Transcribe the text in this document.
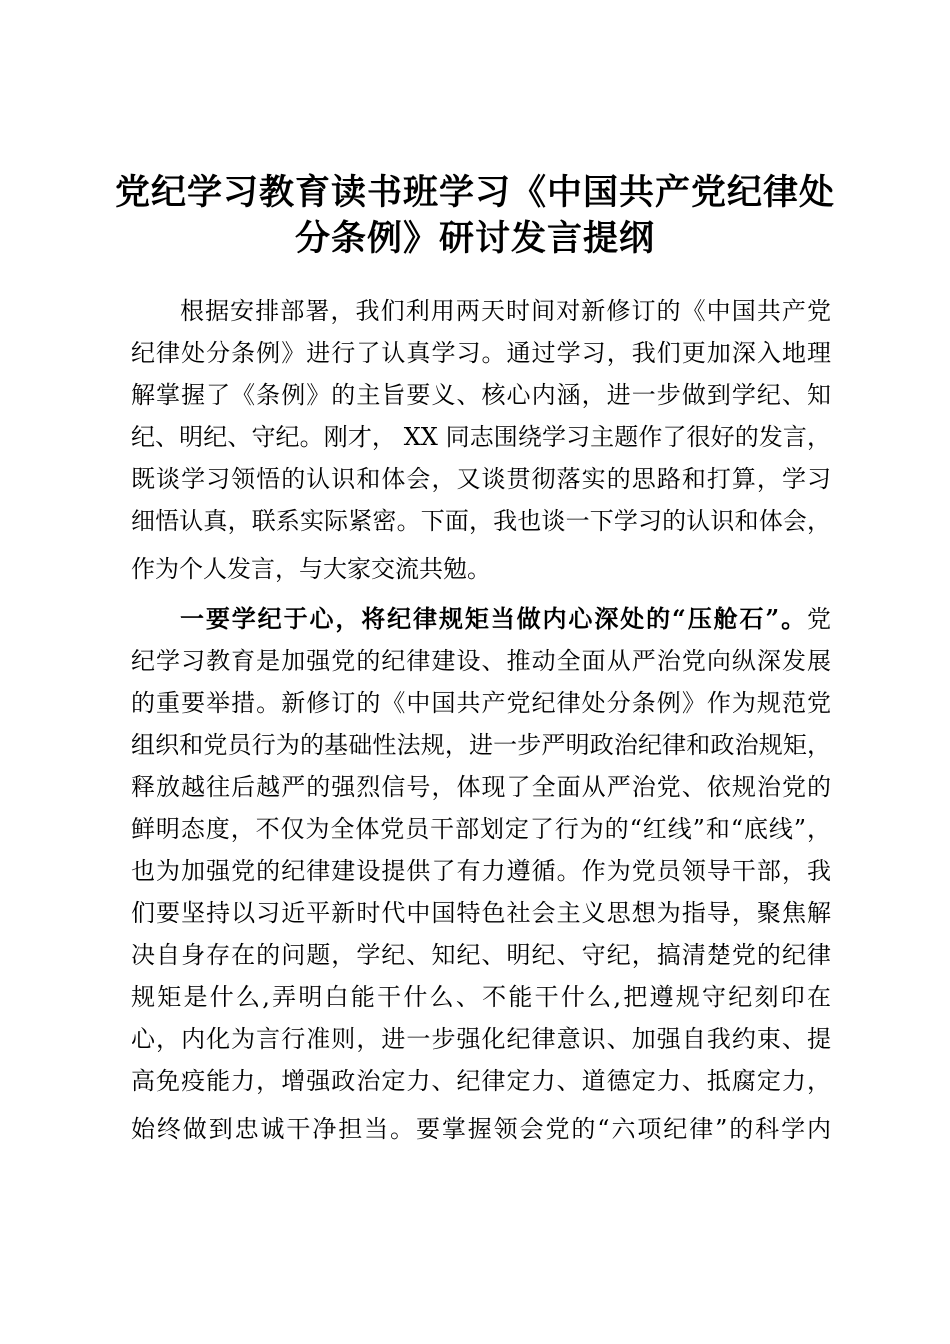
党纪学习教育读书班学习《中国共产党纪律处
分条例》研讨发言提纲
根据安排部署，我们利用两天时间对新修订的《中国共产党
纪律处分条例》进行了认真学习。通过学习，我们更加深入地理
解掌握了《条例》的主旨要义、核心内涵，进一步做到学纪、知
纪、明纪、守纪。刚才， XX 同志围绕学习主题作了很好的发言，
既谈学习领悟的认识和体会，又谈贯彻落实的思路和打算，学习
细悟认真，联系实际紧密。下面，我也谈一下学习的认识和体会，
作为个人发言，与大家交流共勉。
一要学纪于心，将纪律规矩当做内心深处的“压舱石”。党
纪学习教育是加强党的纪律建设、推动全面从严治党向纵深发展
的重要举措。新修订的《中国共产党纪律处分条例》作为规范党
组织和党员行为的基础性法规，进一步严明政治纪律和政治规矩，
释放越往后越严的强烈信号，体现了全面从严治党、依规治党的
鲜明态度，不仅为全体党员干部划定了行为的“红线”和“底线”，
也为加强党的纪律建设提供了有力遵循。作为党员领导干部，我
们要坚持以习近平新时代中国特色社会主义思想为指导，聚焦解
决自身存在的问题，学纪、知纪、明纪、守纪，搞清楚党的纪律
规矩是什么,弄明白能干什么、不能干什么,把遵规守纪刻印在
心，内化为言行准则，进一步强化纪律意识、加强自我约束、提
高免疫能力，增强政治定力、纪律定力、道德定力、抵腐定力，
始终做到忠诚干净担当。要掌握领会党的“六项纪律”的科学内
